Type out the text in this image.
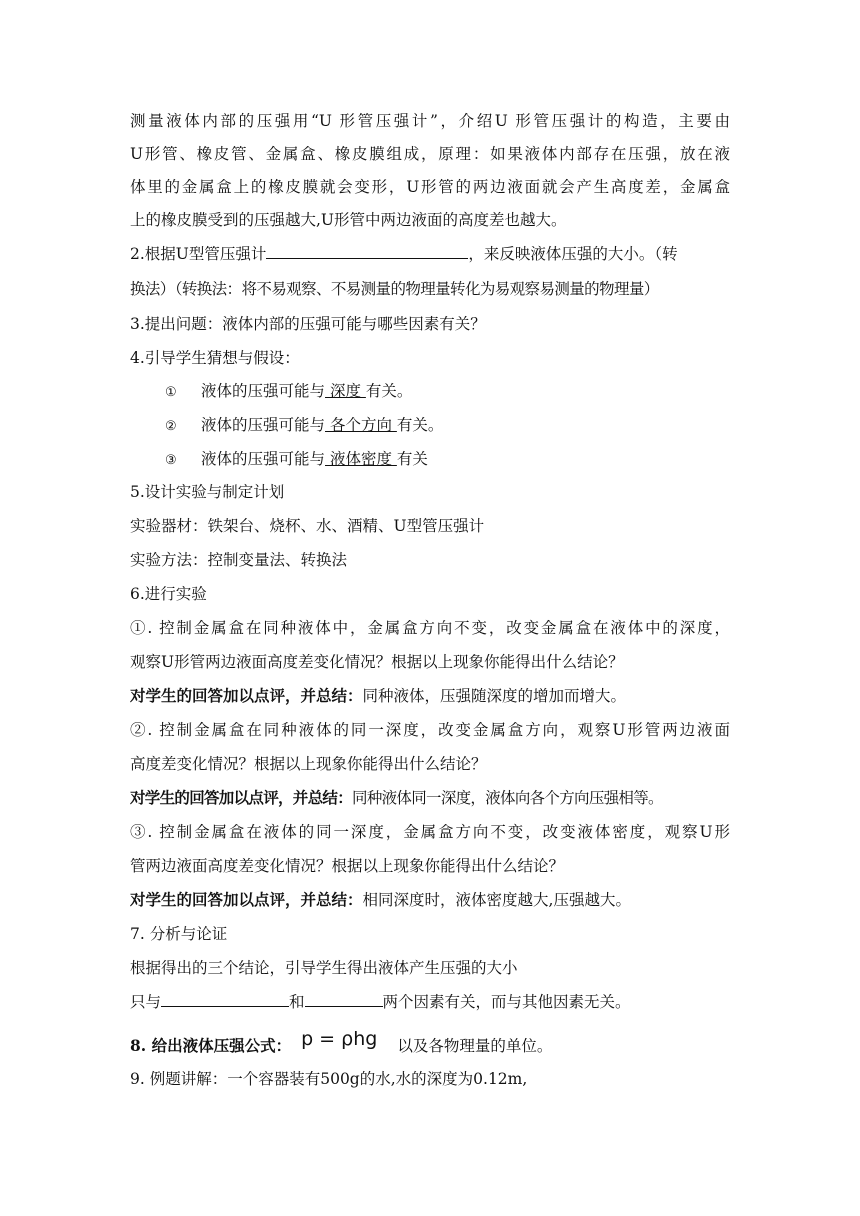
测量液体内部的压强用“U 形管压强计”，介绍U 形管压强计的构造，主要由
U形管、橡皮管、金属盒、橡皮膜组成，原理：如果液体内部存在压强，放在液
体里的金属盒上的橡皮膜就会变形，U形管的两边液面就会产生高度差，金属盒
上的橡皮膜受到的压强越大,U形管中两边液面的高度差也越大。
2.根据U型管压强计	，来反映液体压强的大小。（转
换法）（转换法：将不易观察、不易测量的物理量转化为易观察易测量的物理量）
3.提出问题：液体内部的压强可能与哪些因素有关？
4.引导学生猜想与假设：
① 液体的压强可能与 深度 有关。
② 液体的压强可能与 各个方向 有关。
③ 液体的压强可能与 液体密度 有关
5.设计实验与制定计划
实验器材：铁架台、烧杯、水、酒精、U型管压强计
实验方法：控制变量法、转换法
6.进行实验
①. 控制金属盒在同种液体中，金属盒方向不变，改变金属盒在液体中的深度，
观察U形管两边液面高度差变化情况？根据以上现象你能得出什么结论？
对学生的回答加以点评，并总结：同种液体，压强随深度的增加而增大。
②. 控制金属盒在同种液体的同一深度，改变金属盒方向，观察U形管两边液面
高度差变化情况？根据以上现象你能得出什么结论？
对学生的回答加以点评，并总结：同种液体同一深度，液体向各个方向压强相等。
③. 控制金属盒在液体的同一深度，金属盒方向不变，改变液体密度，观察U形
管两边液面高度差变化情况？根据以上现象你能得出什么结论？
对学生的回答加以点评，并总结：相同深度时，液体密度越大,压强越大。
7. 分析与论证
根据得出的三个结论，引导学生得出液体产生压强的大小
只与	和	两个因素有关，而与其他因素无关。
8. 给出液体压强公式： p = ρhg 以及各物理量的单位。
9. 例题讲解：一个容器装有500g的水,水的深度为0.12m,
